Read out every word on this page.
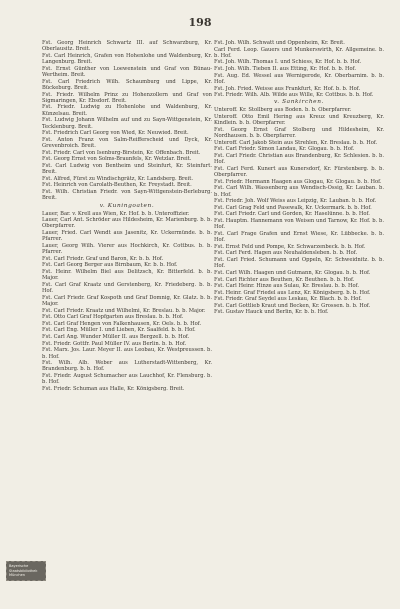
198

Fst. Georg Heinrich Schwartz III. auf Schwarzburg, Kr. Oberlausitz. Breit.

Fst. Carl Heinrich, Grafen von Hohenlohe und Waldenburg, Kr. Langenburg. Breit.

Fst. Ernst Günther von Loewenstein und Graf von Bünau-Wertheim. Breit.

Fst. Carl Friedrich Wilh. Schaumburg und Lippe, Kr. Bückeburg. Breit.

Fst. Friedr. Wilhelm Prinz zu Hohenzollern und Graf von Sigmaringen, Kr. Ebsdorf. Breit.

Fst. Friedr. Ludwig zu Hohenlohe und Waldenburg, Kr. Künzelsau. Breit.

Fst. Ludwig Johann Wilhelm auf und zu Sayn-Wittgenstein, Kr. Tecklenburg. Breit.

Fst. Friedrich Carl Georg von Wied, Kr. Neuwied. Breit.

Fst. Anton Franz von Salm-Reifferscheid und Dyck, Kr. Grevenbroich. Breit.

Fst. Friedr. Carl von Isenburg-Birstein, Kr. Offenbach. Breit.

Fst. Georg Ernst von Solms-Braunfels, Kr. Wetzlar. Breit.

Fst. Carl Ludwig von Bentheim und Steinfurt, Kr. Steinfurt. Breit.

Fst. Alfred, Fürst zu Windischgrätz, Kr. Landsberg. Breit.

Fst. Heinrich von Carolath-Beuthen, Kr. Freystadt. Breit.

Fst. Wilh. Christian Friedr. von Sayn-Wittgenstein-Berleburg. Breit.

v. Kuningoaten.

Lauer, Bar. v. Krell aus Wien, Kr. Hof. b. b. Unteroffizier.

Lauer, Carl Ant. Schröder aus Hildesheim, Kr. Marienburg. b. b. Oberpfarrer.

Lauer, Fried. Carl Wendt aus Jasenitz, Kr. Uckermünde. b. b. Pfarrer.

Lauer, Georg Wilh. Vierer aus Hochkirch, Kr. Cottbus. b. b. Pfarrer.

Fst. Carl Friedr. Graf und Baron, Kr. b. b. Hof.

Fst. Carl Georg Berger aus Birnbaum, Kr. b. b. Hof.

Fst. Heinr. Wilhelm Biel aus Delitzsch, Kr. Bitterfeld. b. b. Major.

Fst. Carl Graf Kraatz und Gerstenberg, Kr. Friedeberg. b. b. Hof.

Fst. Carl Friedr. Graf Kospoth und Graf Domnig, Kr. Glatz. b. b. Major.

Fst. Carl Friedr. Kraatz und Wilhelmi, Kr. Breslau. b. b. Major.

Fst. Otto Carl Graf Hopfgarten aus Breslau. b. b. Hof.

Fst. Carl Graf Hengen von Falkenhausen, Kr. Oels. b. b. Hof.

Fst. Carl Eng. Müller I. und Lieben, Kr. Saalfeld. b. b. Hof.

Fst. Carl Ang. Wunder Müller II. aus Bergzell. b. b. Hof.

Fst. Friedr. Gottfr. Paul Müller IV. aus Berlin. b. b. Hof.

Fst. Marx. Jos. Laur. Meyer II. aus Leobau, Kr. Westpreussen. b. b. Hof.

Fst. Wilh. Alb. Weber aus Lutherstadt-Wittenberg, Kr. Brandenburg. b. b. Hof.

Fst. Friedr. August Schumacher aus Lauchhof, Kr. Flensburg. b. b. Hof.

Fst. Friedr. Schuman aus Halle, Kr. Königsberg. Breit.

Fst. Joh. Wilh. Schwatt und Oppenheim, Kr. Breit.

Carl Ferd. Leop. Gauers und Munkerswirth, Kr. Allgemeine. b. b. Hof.

Fst. Joh. Wilh. Thomas I. und Schiess, Kr. Hof. b. b. Hof.

Fst. Joh. Wilh. Tieben II. aus Etting, Kr. Hof. b. b. Hof.

Fst. Aug. Ed. Wessel aus Wernigerode, Kr. Oberbarnim. b. b. Hof.

Fst. Joh. Fried. Weisse aus Frankfurt, Kr. Hof. b. b. Hof.

Fst. Friedr. Wilh. Alb. Wilde aus Wille, Kr. Cottbus. b. b. Hof.

v. Sankirchen.

Unteroff. Kr. Stollberg aus Boden. b. b. Oberpfarrer.

Unteroff. Otto Emil Hering aus Kreuz und Kreuzberg, Kr. Kindlein. b. b. Oberpfarrer.

Fst. Georg Ernst Graf Stolberg und Hildesheim, Kr. Nordhausen. b. b. Oberpfarrer.

Unteroff. Carl Jakob Stein aus Strehlen, Kr. Breslau. b. b. Hof.

Fst. Carl Friedr. Simon Landau, Kr. Glogau. b. b. Hof.

Fst. Carl Friedr. Christian aus Brandenburg, Kr. Schlesien. b. b. Hof.

Fst. Carl Ferd. Kunert aus Kunersdorf, Kr. Fürstenberg. b. b. Oberpfarrer.

Fst. Friedr. Hermann Haagen aus Glogau, Kr. Glogau. b. b. Hof.

Fst. Carl Wilh. Wassenberg aus Wendisch-Ossig, Kr. Lauban. b. b. Hof.

Fst. Friedr. Joh. Wolf Weiss aus Leipzig, Kr. Lauban. b. b. Hof.

Fst. Carl Grag Feld und Pasewalk, Kr. Uckermark. b. b. Hof.

Fst. Carl Friedr. Carl und Gorden, Kr. Haselünne. b. b. Hof.

Fst. Hauptm. Hannemann von Weisen und Tarnow, Kr. Hof. b. b. Hof.

Fst. Carl Frage Grafen und Ernst Wiese, Kr. Lübbecke. b. b. Hof.

Fst. Ernst Feld und Pompe, Kr. Schwarzenbeck. b. b. Hof.

Fst. Carl Ferd. Hagen aus Neuhaldensleben. b. b. Hof.

Fst. Carl Fried. Schumann und Oppeln, Kr. Schweidnitz. b. b. Hof.

Fst. Carl Wilh. Haagen und Gutmann, Kr. Glogau. b. b. Hof.

Fst. Carl Richter aus Beuthen, Kr. Beuthen. b. b. Hof.

Fst. Carl Heinr. Hinze aus Sulau, Kr. Breslau. b. b. Hof.

Fst. Heinr. Graf Friedel aus Lenz, Kr. Königsberg. b. b. Hof.

Fst. Friedr. Graf Seydel aus Leskau, Kr. Blach. b. b. Hof.

Fst. Carl Gottlieb Kraut und Becken, Kr. Grossen. b. b. Hof.

Fst. Gustav Hauck und Berlin, Kr. b. b. Hof.

Bayerische
Staatsbibliothek
München
